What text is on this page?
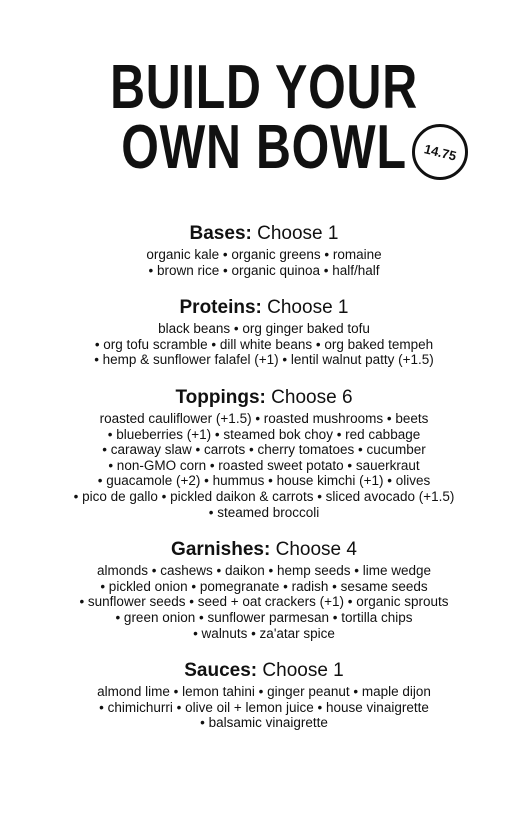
BUILD YOUR
OWN BOWL	14.75
Bases: Choose 1
organic kale • organic greens • romaine
• brown rice • organic quinoa • half/half
Proteins: Choose 1
black beans • org ginger baked tofu
• org tofu scramble • dill white beans • org baked tempeh
• hemp & sunflower falafel (+1) • lentil walnut patty (+1.5)
Toppings: Choose 6
roasted cauliflower (+1.5) • roasted mushrooms • beets
• blueberries (+1) • steamed bok choy • red cabbage
• caraway slaw • carrots • cherry tomatoes • cucumber
• non-GMO corn • roasted sweet potato • sauerkraut
• guacamole (+2) • hummus • house kimchi (+1) • olives
• pico de gallo • pickled daikon & carrots • sliced avocado (+1.5)
• steamed broccoli
Garnishes: Choose 4
almonds • cashews • daikon • hemp seeds • lime wedge
• pickled onion • pomegranate • radish • sesame seeds
• sunflower seeds • seed + oat crackers (+1) • organic sprouts
• green onion • sunflower parmesan • tortilla chips
• walnuts • za'atar spice
Sauces: Choose 1
almond lime • lemon tahini • ginger peanut • maple dijon
• chimichurri • olive oil + lemon juice • house vinaigrette
• balsamic vinaigrette
